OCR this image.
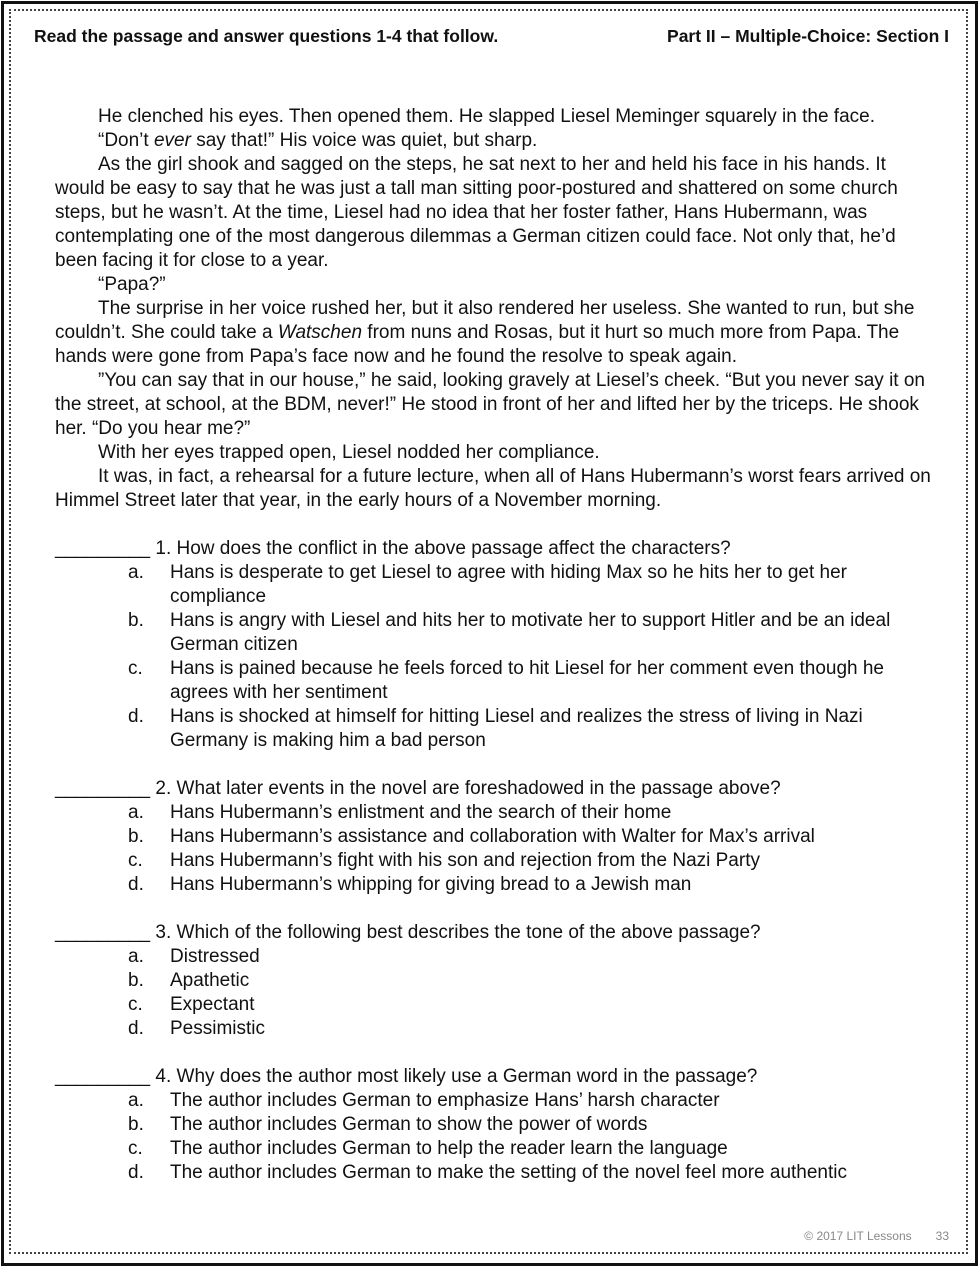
Read the passage and answer questions 1-4 that follow.	Part II – Multiple-Choice: Section I

He clenched his eyes. Then opened them. He slapped Liesel Meminger squarely in the face.

“Don’t ever say that!” His voice was quiet, but sharp.

As the girl shook and sagged on the steps, he sat next to her and held his face in his hands. It would be easy to say that he was just a tall man sitting poor-postured and shattered on some church steps, but he wasn’t. At the time, Liesel had no idea that her foster father, Hans Hubermann, was contemplating one of the most dangerous dilemmas a German citizen could face. Not only that, he’d been facing it for close to a year.

“Papa?”

The surprise in her voice rushed her, but it also rendered her useless. She wanted to run, but she couldn’t. She could take a Watschen from nuns and Rosas, but it hurt so much more from Papa. The hands were gone from Papa’s face now and he found the resolve to speak again.

”You can say that in our house,” he said, looking gravely at Liesel’s cheek. “But you never say it on the street, at school, at the BDM, never!” He stood in front of her and lifted her by the triceps. He shook her. “Do you hear me?”

With her eyes trapped open, Liesel nodded her compliance.

It was, in fact, a rehearsal for a future lecture, when all of Hans Hubermann’s worst fears arrived on Himmel Street later that year, in the early hours of a November morning.

_________ 1. How does the conflict in the above passage affect the characters?

a.	Hans is desperate to get Liesel to agree with hiding Max so he hits her to get her compliance
b.	Hans is angry with Liesel and hits her to motivate her to support Hitler and be an ideal German citizen
c.	Hans is pained because he feels forced to hit Liesel for her comment even though he agrees with her sentiment
d.	Hans is shocked at himself for hitting Liesel and realizes the stress of living in Nazi Germany is making him a bad person

_________ 2. What later events in the novel are foreshadowed in the passage above?

a.	Hans Hubermann’s enlistment and the search of their home
b.	Hans Hubermann’s assistance and collaboration with Walter for Max’s arrival
c.	Hans Hubermann’s fight with his son and rejection from the Nazi Party
d.	Hans Hubermann’s whipping for giving bread to a Jewish man

_________ 3. Which of the following best describes the tone of the above passage?

a.	Distressed
b.	Apathetic
c.	Expectant
d.	Pessimistic

_________ 4. Why does the author most likely use a German word in the passage?

a.	The author includes German to emphasize Hans’ harsh character
b.	The author includes German to show the power of words
c.	The author includes German to help the reader learn the language
d.	The author includes German to make the setting of the novel feel more authentic
© 2017 LIT Lessons 33
